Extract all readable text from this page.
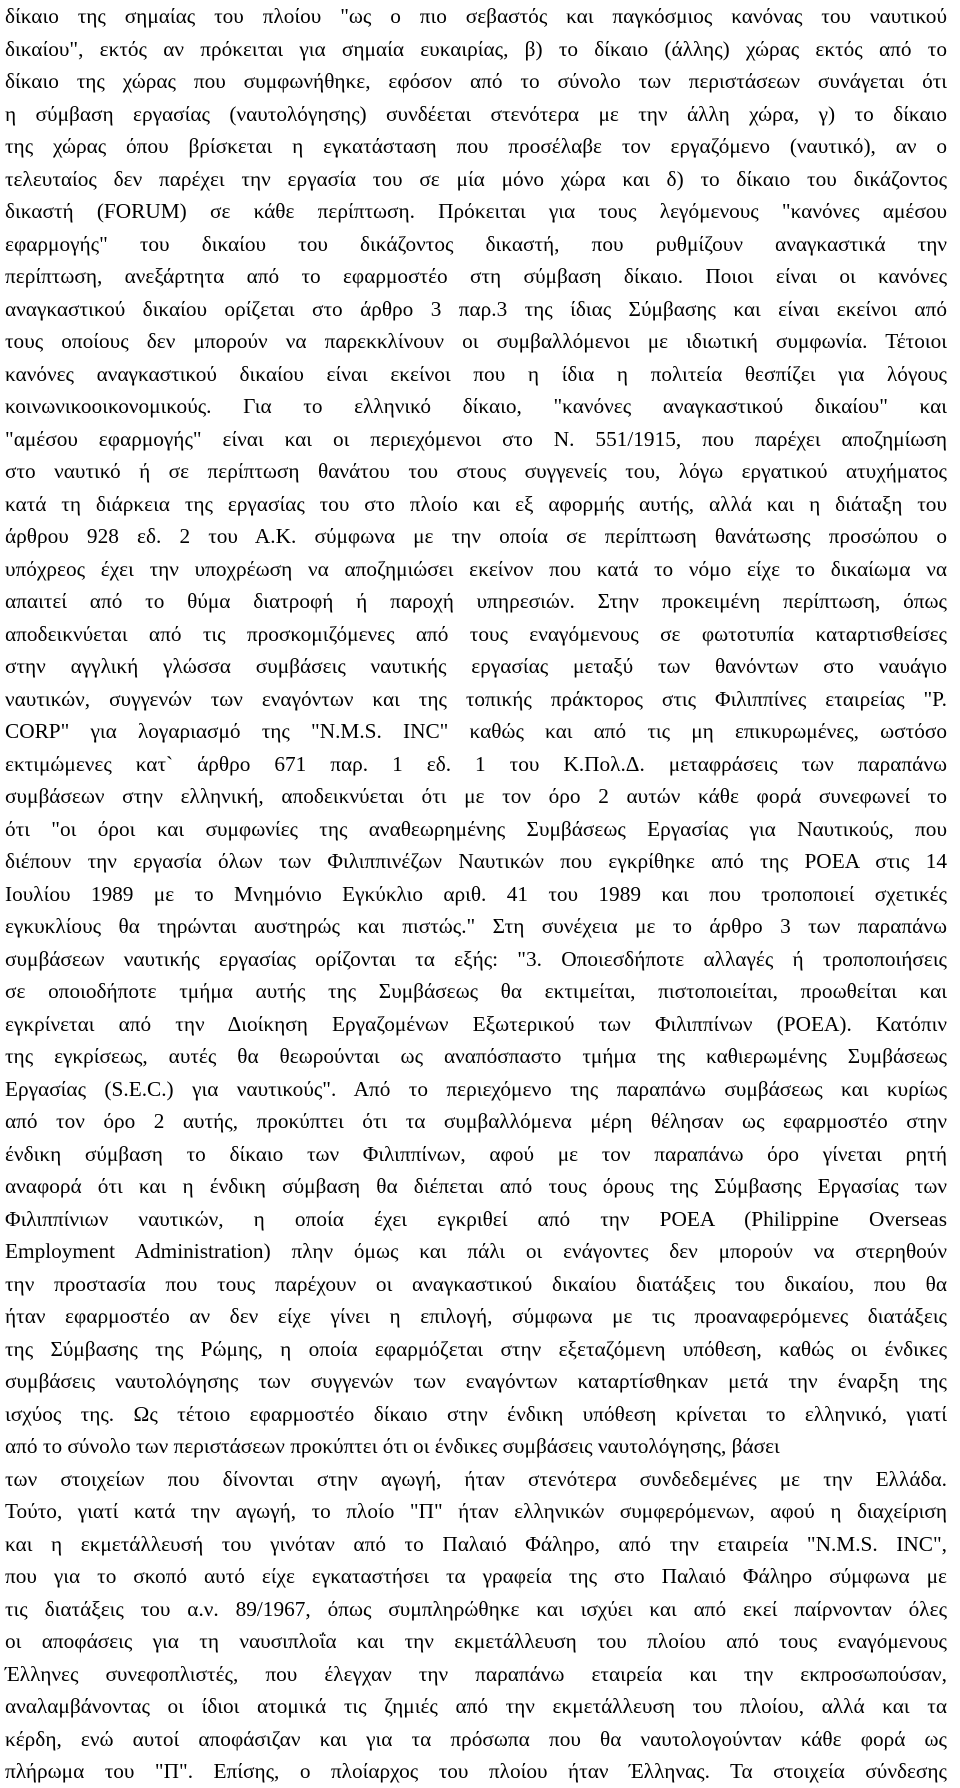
δίκαιο της σημαίας του πλοίου "ως ο πιο σεβαστός και παγκόσμιος κανόνας του ναυτικού
δικαίου", εκτός αν πρόκειται για σημαία ευκαιρίας, β) το δίκαιο (άλλης) χώρας εκτός από το
δίκαιο της χώρας που συμφωνήθηκε, εφόσον από το σύνολο των περιστάσεων συνάγεται ότι
η σύμβαση εργασίας (ναυτολόγησης) συνδέεται στενότερα με την άλλη χώρα, γ) το δίκαιο
της χώρας όπου βρίσκεται η εγκατάσταση που προσέλαβε τον εργαζόμενο (ναυτικό), αν ο
τελευταίος δεν παρέχει την εργασία του σε μία μόνο χώρα και δ) το δίκαιο του δικάζοντος
δικαστή (FORUM) σε κάθε περίπτωση. Πρόκειται για τους λεγόμενους "κανόνες αμέσου
εφαρμογής" του δικαίου του δικάζοντος δικαστή, που ρυθμίζουν αναγκαστικά την
περίπτωση, ανεξάρτητα από το εφαρμοστέο στη σύμβαση δίκαιο. Ποιοι είναι οι κανόνες
αναγκαστικού δικαίου ορίζεται στο άρθρο 3 παρ.3 της ίδιας Σύμβασης και είναι εκείνοι από
τους οποίους δεν μπορούν να παρεκκλίνουν οι συμβαλλόμενοι με ιδιωτική συμφωνία. Τέτοιοι
κανόνες αναγκαστικού δικαίου είναι εκείνοι που η ίδια η πολιτεία θεσπίζει για λόγους
κοινωνικοοικονομικούς. Για το ελληνικό δίκαιο, "κανόνες αναγκαστικού δικαίου" και
"αμέσου εφαρμογής" είναι και οι περιεχόμενοι στο Ν. 551/1915, που παρέχει αποζημίωση
στο ναυτικό ή σε περίπτωση θανάτου του στους συγγενείς του, λόγω εργατικού ατυχήματος
κατά τη διάρκεια της εργασίας του στο πλοίο και εξ αφορμής αυτής, αλλά και η διάταξη του
άρθρου 928 εδ. 2 του Α.Κ. σύμφωνα με την οποία σε περίπτωση θανάτωσης προσώπου ο
υπόχρεος έχει την υποχρέωση να αποζημιώσει εκείνον που κατά το νόμο είχε το δικαίωμα να
απαιτεί από το θύμα διατροφή ή παροχή υπηρεσιών. Στην προκειμένη περίπτωση, όπως
αποδεικνύεται από τις προσκομιζόμενες από τους εναγόμενους σε φωτοτυπία καταρτισθείσες
στην αγγλική γλώσσα συμβάσεις ναυτικής εργασίας μεταξύ των θανόντων στο ναυάγιο
ναυτικών, συγγενών των εναγόντων και της τοπικής πράκτορος στις Φιλιππίνες εταιρείας "Ρ.
CORP" για λογαριασμό της "N.M.S. INC" καθώς και από τις μη επικυρωμένες, ωστόσο
εκτιμώμενες κατ` άρθρο 671 παρ. 1 εδ. 1 του Κ.Πολ.Δ. μεταφράσεις των παραπάνω
συμβάσεων στην ελληνική, αποδεικνύεται ότι με τον όρο 2 αυτών κάθε φορά συνεφωνεί το
ότι "οι όροι και συμφωνίες της αναθεωρημένης Συμβάσεως Εργασίας για Ναυτικούς, που
διέπουν την εργασία όλων των Φιλιππινέζων Ναυτικών που εγκρίθηκε από της ΡΟΕΑ στις 14
Ιουλίου 1989 με το Μνημόνιο Εγκύκλιο αριθ. 41 του 1989 και που τροποποιεί σχετικές
εγκυκλίους θα τηρώνται αυστηρώς και πιστώς." Στη συνέχεια με το άρθρο 3 των παραπάνω
συμβάσεων ναυτικής εργασίας ορίζονται τα εξής: "3. Οποιεσδήποτε αλλαγές ή τροποποιήσεις
σε οποιοδήποτε τμήμα αυτής της Συμβάσεως θα εκτιμείται, πιστοποιείται, προωθείται και
εγκρίνεται από την Διοίκηση Εργαζομένων Εξωτερικού των Φιλιππίνων (ΡΟΕΑ). Κατόπιν
της εγκρίσεως, αυτές θα θεωρούνται ως αναπόσπαστο τμήμα της καθιερωμένης Συμβάσεως
Εργασίας (S.E.C.) για ναυτικούς". Από το περιεχόμενο της παραπάνω συμβάσεως και κυρίως
από τον όρο 2 αυτής, προκύπτει ότι τα συμβαλλόμενα μέρη θέλησαν ως εφαρμοστέο στην
ένδικη σύμβαση το δίκαιο των Φιλιππίνων, αφού με τον παραπάνω όρο γίνεται ρητή
αναφορά ότι και η ένδικη σύμβαση θα διέπεται από τους όρους της Σύμβασης Εργασίας των
Φιλιππίνιων ναυτικών, η οποία έχει εγκριθεί από την POEA (Philippine Overseas
Employment Administration) πλην όμως και πάλι οι ενάγοντες δεν μπορούν να στερηθούν
την προστασία που τους παρέχουν οι αναγκαστικού δικαίου διατάξεις του δικαίου, που θα
ήταν εφαρμοστέο αν δεν είχε γίνει η επιλογή, σύμφωνα με τις προαναφερόμενες διατάξεις
της Σύμβασης της Ρώμης, η οποία εφαρμόζεται στην εξεταζόμενη υπόθεση, καθώς οι ένδικες
συμβάσεις ναυτολόγησης των συγγενών των εναγόντων καταρτίσθηκαν μετά την έναρξη της
ισχύος της. Ως τέτοιο εφαρμοστέο δίκαιο στην ένδικη υπόθεση κρίνεται το ελληνικό, γιατί
από το σύνολο των περιστάσεων προκύπτει ότι οι ένδικες συμβάσεις ναυτολόγησης, βάσει
των στοιχείων που δίνονται στην αγωγή, ήταν στενότερα συνδεδεμένες με την Ελλάδα.
Τούτο, γιατί κατά την αγωγή, το πλοίο "Π" ήταν ελληνικών συμφερόμενων, αφού η διαχείριση
και η εκμετάλλευσή του γινόταν από το Παλαιό Φάληρο, από την εταιρεία "N.M.S. INC",
που για το σκοπό αυτό είχε εγκαταστήσει τα γραφεία της στο Παλαιό Φάληρο σύμφωνα με
τις διατάξεις του α.ν. 89/1967, όπως συμπληρώθηκε και ισχύει και από εκεί παίρνονταν όλες
οι αποφάσεις για τη ναυσιπλοΐα και την εκμετάλλευση του πλοίου από τους εναγόμενους
Έλληνες συνεφοπλιστές, που έλεγχαν την παραπάνω εταιρεία και την εκπροσωπούσαν,
αναλαμβάνοντας οι ίδιοι ατομικά τις ζημιές από την εκμετάλλευση του πλοίου, αλλά και τα
κέρδη, ενώ αυτοί αποφάσιζαν και για τα πρόσωπα που θα ναυτολογούνταν κάθε φορά ως
πλήρωμα του "Π". Επίσης, ο πλοίαρχος του πλοίου ήταν Έλληνας. Τα στοιχεία σύνδεσης
